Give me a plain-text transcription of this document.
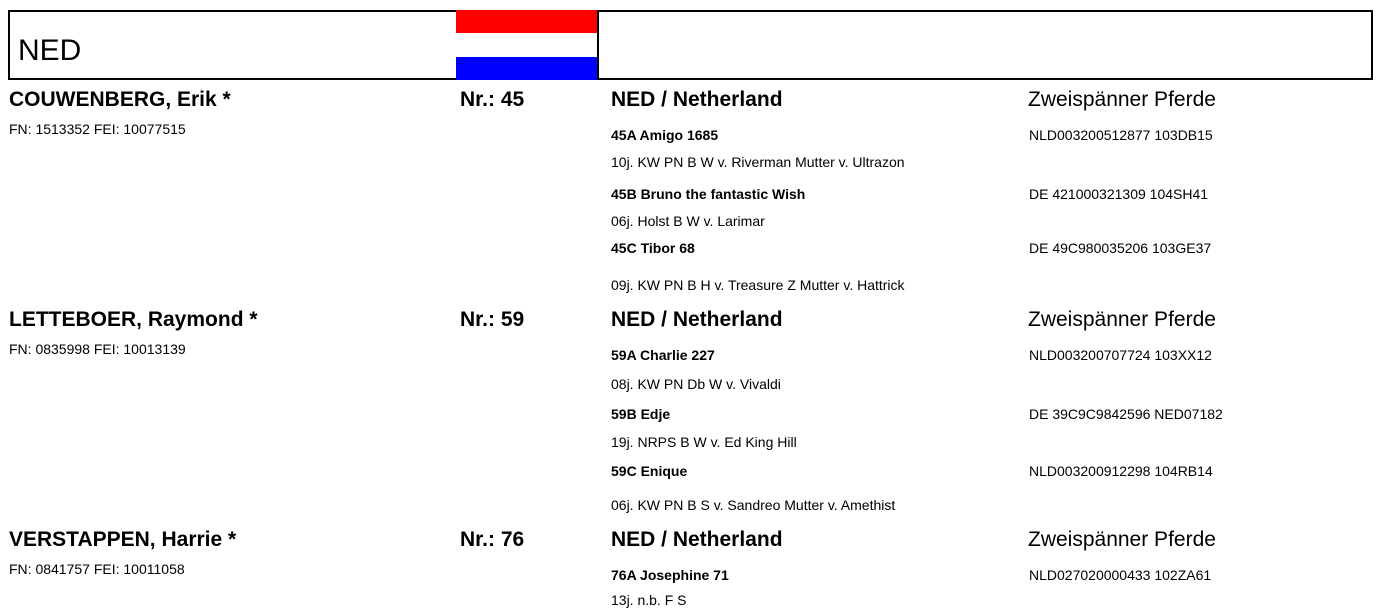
NED
COUWENBERG, Erik *	Nr.: 45	NED / Netherland	Zweispänner Pferde
FN: 1513352 FEI: 10077515	45A Amigo 1685	NLD003200512877 103DB15
10j. KW PN B W v. Riverman Mutter v. Ultrazon
45B Bruno the fantastic Wish	DE 421000321309 104SH41
06j. Holst B W v. Larimar
45C Tibor 68	DE 49C980035206 103GE37
09j. KW PN B H v. Treasure Z Mutter v. Hattrick
LETTEBOER, Raymond *	Nr.: 59	NED / Netherland	Zweispänner Pferde
FN: 0835998 FEI: 10013139	59A Charlie 227	NLD003200707724 103XX12
08j. KW PN Db W v. Vivaldi
59B Edje	DE 39C9C9842596 NED07182
19j. NRPS B W v. Ed King Hill
59C Enique	NLD003200912298 104RB14
06j. KW PN B S v. Sandreo Mutter v. Amethist
VERSTAPPEN, Harrie *	Nr.: 76	NED / Netherland	Zweispänner Pferde
FN: 0841757 FEI: 10011058	76A Josephine 71	NLD027020000433 102ZA61
13j. n.b. F S
